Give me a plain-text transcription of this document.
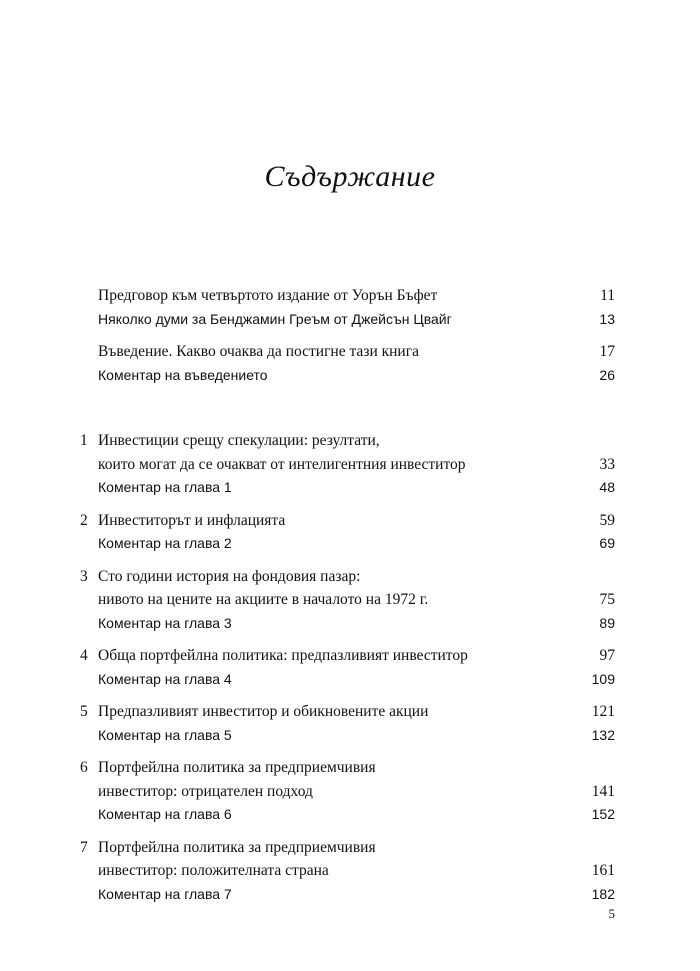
Съдържание
Предговор към четвъртото издание от Уорън Бъфет	11
Няколко думи за Бенджамин Греъм от Джейсън Цвайг	13
Въведение. Какво очаква да постигне тази книга	17
Коментар на въведението	26
1 Инвестиции срещу спекулации: резултати,
които могат да се очакват от интелигентния инвеститор	33
Коментар на глава 1	48
2 Инвеститорът и инфлацията	59
Коментар на глава 2	69
3 Сто години история на фондовия пазар:
нивото на цените на акциите в началото на 1972 г.	75
Коментар на глава 3	89
4 Обща портфейлна политика: предпазливият инвеститор	97
Коментар на глава 4	109
5 Предпазливият инвеститор и обикновените акции	121
Коментар на глава 5	132
6 Портфейлна политика за предприемчивия
инвеститор: отрицателен подход	141
Коментар на глава 6	152
7 Портфейлна политика за предприемчивия
инвеститор: положителната страна	161
Коментар на глава 7	182
5
